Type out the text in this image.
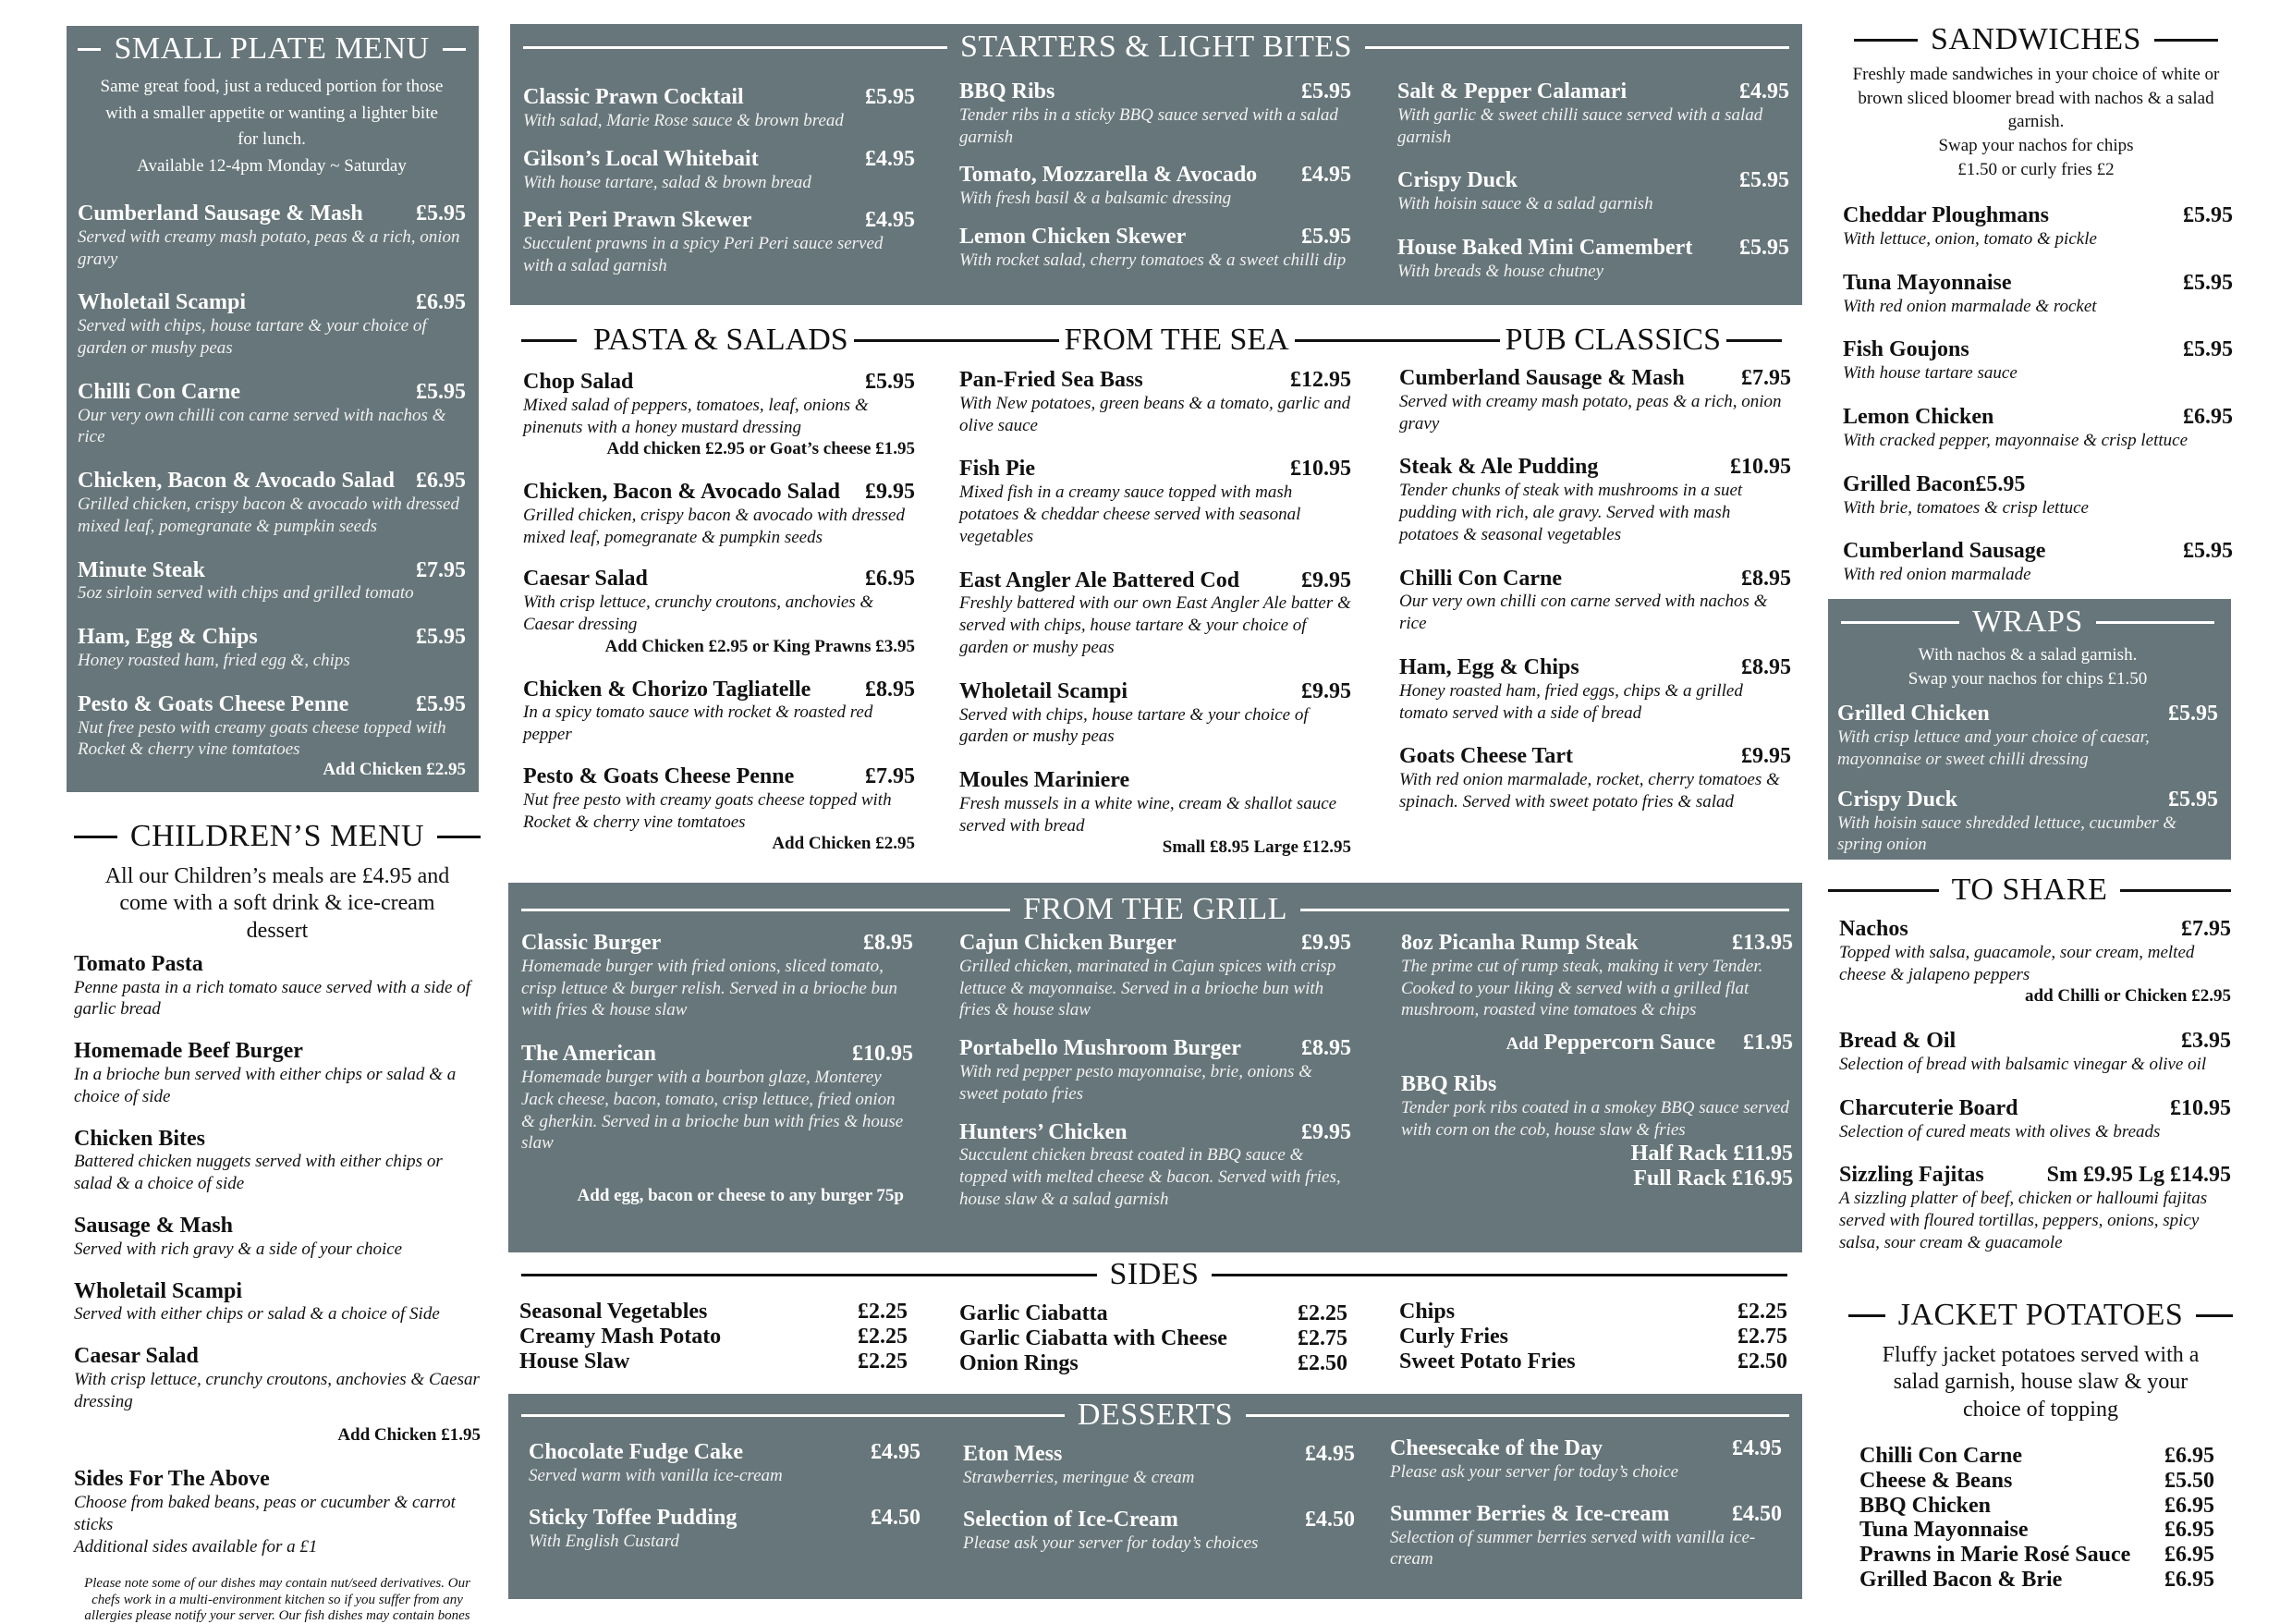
SMALL PLATE MENU
Same great food, just a reduced portion for those with a smaller appetite or wanting a lighter bite for lunch.
Available 12-4pm Monday ~ Saturday
Cumberland Sausage & Mash	£5.95
Served with creamy mash potato, peas & a rich, onion gravy
Wholetail Scampi	£6.95
Served with chips, house tartare & your choice of garden or mushy peas
Chilli Con Carne	£5.95
Our very own chilli con carne served with nachos & rice
Chicken, Bacon & Avocado Salad £6.95
Grilled chicken, crispy bacon & avocado with dressed mixed leaf, pomegranate & pumpkin seeds
Minute Steak	£7.95
5oz sirloin served with chips and grilled tomato
Ham, Egg & Chips	£5.95
Honey roasted ham, fried egg &, chips
Pesto & Goats Cheese Penne	£5.95
Nut free pesto with creamy goats cheese topped with Rocket & cherry vine tomtatoes
Add Chicken £2.95
CHILDREN’S MENU
All our Children’s meals are £4.95 and come with a soft drink & ice-cream dessert
Tomato Pasta
Penne pasta in a rich tomato sauce served with a side of garlic bread
Homemade Beef Burger
In a brioche bun served with either chips or salad & a choice of side
Chicken Bites
Battered chicken nuggets served with either chips or salad & a choice of side
Sausage & Mash
Served with rich gravy & a side of your choice
Wholetail Scampi
Served with either chips or salad & a choice of Side
Caesar Salad
With crisp lettuce, crunchy croutons, anchovies & Caesar dressing
Add Chicken £1.95
Sides For The Above
Choose from baked beans, peas or cucumber & carrot sticks
Additional sides available for a £1
Please note some of our dishes may contain nut/seed derivatives. Our chefs work in a multi-environment kitchen so if you suffer from any allergies please notify your server. Our fish dishes may contain bones
STARTERS & LIGHT BITES
Classic Prawn Cocktail	£5.95
With salad, Marie Rose sauce & brown bread
Gilson’s Local Whitebait	£4.95
With house tartare, salad & brown bread
Peri Peri Prawn Skewer	£4.95
Succulent prawns in a spicy Peri Peri sauce served with a salad garnish
BBQ Ribs	£5.95
Tender ribs in a sticky BBQ sauce served with a salad garnish
Tomato, Mozzarella & Avocado	£4.95
With fresh basil & a balsamic dressing
Lemon Chicken Skewer	£5.95
With rocket salad, cherry tomatoes & a sweet chilli dip
Salt & Pepper Calamari	£4.95
With garlic & sweet chilli sauce served with a salad garnish
Crispy Duck	£5.95
With hoisin sauce & a salad garnish
House Baked Mini Camembert	£5.95
With breads & house chutney
PASTA & SALADS	FROM THE SEA	PUB CLASSICS
Chop Salad	£5.95
Mixed salad of peppers, tomatoes, leaf, onions & pinenuts with a honey mustard dressing
Add chicken £2.95 or Goat’s cheese £1.95
Chicken, Bacon & Avocado Salad	£9.95
Grilled chicken, crispy bacon & avocado with dressed mixed leaf, pomegranate & pumpkin seeds
Caesar Salad	£6.95
With crisp lettuce, crunchy croutons, anchovies & Caesar dressing
Add Chicken £2.95 or King Prawns £3.95
Chicken & Chorizo Tagliatelle	£8.95
In a spicy tomato sauce with rocket & roasted red pepper
Pesto & Goats Cheese Penne	£7.95
Nut free pesto with creamy goats cheese topped with Rocket & cherry vine tomtatoes
Add Chicken £2.95
Pan-Fried Sea Bass	£12.95
With New potatoes, green beans & a tomato, garlic and olive sauce
Fish Pie	£10.95
Mixed fish in a creamy sauce topped with mash potatoes & cheddar cheese served with seasonal vegetables
East Angler Ale Battered Cod	£9.95
Freshly battered with our own East Angler Ale batter & served with chips, house tartare & your choice of garden or mushy peas
Wholetail Scampi	£9.95
Served with chips, house tartare & your choice of garden or mushy peas
Moules Mariniere
Fresh mussels in a white wine, cream & shallot sauce served with bread
Small £8.95 Large £12.95
Cumberland Sausage & Mash	£7.95
Served with creamy mash potato, peas & a rich, onion gravy
Steak & Ale Pudding	£10.95
Tender chunks of steak with mushrooms in a suet pudding with rich, ale gravy. Served with mash potatoes & seasonal vegetables
Chilli Con Carne	£8.95
Our very own chilli con carne served with nachos & rice
Ham, Egg & Chips	£8.95
Honey roasted ham, fried eggs, chips & a grilled tomato served with a side of bread
Goats Cheese Tart	£9.95
With red onion marmalade, rocket, cherry tomatoes & spinach. Served with sweet potato fries & salad
FROM THE GRILL
Classic Burger	£8.95
Homemade burger with fried onions, sliced tomato, crisp lettuce & burger relish. Served in a brioche bun with fries & house slaw
The American	£10.95
Homemade burger with a bourbon glaze, Monterey Jack cheese, bacon, tomato, crisp lettuce, fried onion & gherkin. Served in a brioche bun with fries & house slaw
Add egg, bacon or cheese to any burger 75p
Cajun Chicken Burger	£9.95
Grilled chicken, marinated in Cajun spices with crisp lettuce & mayonnaise. Served in a brioche bun with fries & house slaw
Portabello Mushroom Burger	£8.95
With red pepper pesto mayonnaise, brie, onions & sweet potato fries
Hunters’ Chicken	£9.95
Succulent chicken breast coated in BBQ sauce & topped with melted cheese & bacon. Served with fries, house slaw & a salad garnish
8oz Picanha Rump Steak	£13.95
The prime cut of rump steak, making it very Tender. Cooked to your liking & served with a grilled flat mushroom, roasted vine tomatoes & chips
Add Peppercorn Sauce £1.95
BBQ Ribs
Tender pork ribs coated in a smokey BBQ sauce served with corn on the cob, house slaw & fries
Half Rack £11.95
Full Rack £16.95
SIDES
Seasonal Vegetables	£2.25
Creamy Mash Potato	£2.25
House Slaw	£2.25
Garlic Ciabatta	£2.25
Garlic Ciabatta with Cheese	£2.75
Onion Rings	£2.50
Chips	£2.25
Curly Fries	£2.75
Sweet Potato Fries	£2.50
DESSERTS
Chocolate Fudge Cake	£4.95
Served warm with vanilla ice-cream
Sticky Toffee Pudding	£4.50
With English Custard
Eton Mess	£4.95
Strawberries, meringue & cream
Selection of Ice-Cream	£4.50
Please ask your server for today’s choices
Cheesecake of the Day	£4.95
Please ask your server for today’s choice
Summer Berries & Ice-cream	£4.50
Selection of summer berries served with vanilla ice-cream
SANDWICHES
Freshly made sandwiches in your choice of white or brown sliced bloomer bread with nachos & a salad garnish.
Swap your nachos for chips £1.50 or curly fries £2
Cheddar Ploughmans	£5.95
With lettuce, onion, tomato & pickle
Tuna Mayonnaise	£5.95
With red onion marmalade & rocket
Fish Goujons	£5.95
With house tartare sauce
Lemon Chicken	£6.95
With cracked pepper, mayonnaise & crisp lettuce
Grilled Bacon£5.95
With brie, tomatoes & crisp lettuce
Cumberland Sausage	£5.95
With red onion marmalade
WRAPS
With nachos & a salad garnish.
Swap your nachos for chips £1.50
Grilled Chicken	£5.95
With crisp lettuce and your choice of caesar, mayonnaise or sweet chilli dressing
Crispy Duck	£5.95
With hoisin sauce shredded lettuce, cucumber & spring onion
TO SHARE
Nachos	£7.95
Topped with salsa, guacamole, sour cream, melted cheese & jalapeno peppers
add Chilli or Chicken £2.95
Bread & Oil	£3.95
Selection of bread with balsamic vinegar & olive oil
Charcuterie Board	£10.95
Selection of cured meats with olives & breads
Sizzling Fajitas	Sm £9.95 Lg £14.95
A sizzling platter of beef, chicken or halloumi fajitas served with floured tortillas, peppers, onions, spicy salsa, sour cream & guacamole
JACKET POTATOES
Fluffy jacket potatoes served with a salad garnish, house slaw & your choice of topping
Chilli Con Carne	£6.95
Cheese & Beans	£5.50
BBQ Chicken	£6.95
Tuna Mayonnaise	£6.95
Prawns in Marie Rosé Sauce	£6.95
Grilled Bacon & Brie	£6.95
